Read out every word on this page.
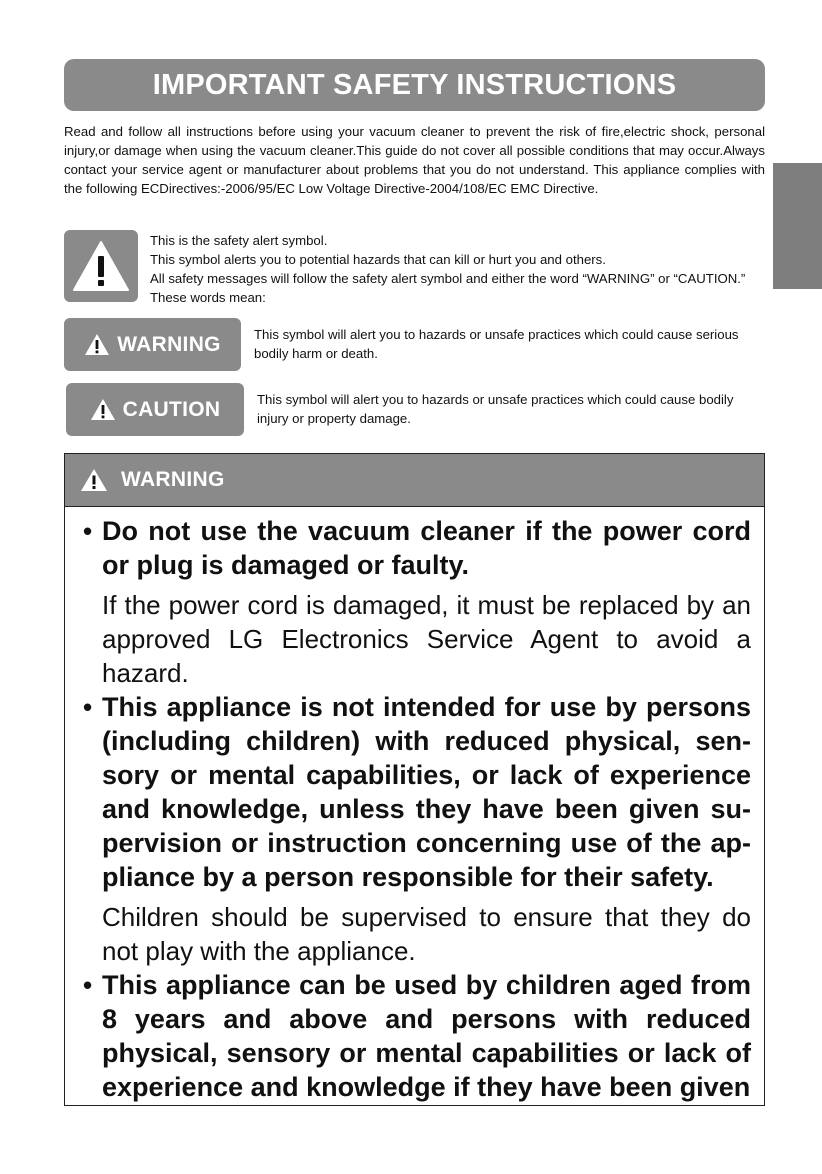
IMPORTANT SAFETY INSTRUCTIONS

Read and follow all instructions before using your vacuum cleaner to prevent the risk of fire,electric shock, personal injury,or damage when using the vacuum cleaner.This guide do not cover all possible conditions that may occur.Always contact your service agent or manufacturer about problems that you do not understand. This appliance complies with the following ECDirectives:-2006/95/EC Low Voltage Directive-2004/108/EC EMC Directive.

This is the safety alert symbol.
This symbol alerts you to potential hazards that can kill or hurt you and others.
All safety messages will follow the safety alert symbol and either the word “WARNING” or “CAUTION.” These words mean:
WARNING	This symbol will alert you to hazards or unsafe practices which could cause serious bodily harm or death.
CAUTION	This symbol will alert you to hazards or unsafe practices which could cause bodily injury or property damage.
WARNING
• Do not use the vacuum cleaner if the power cord or plug is damaged or faulty.

If the power cord is damaged, it must be replaced by an approved LG Electronics Service Agent to avoid a hazard.

• This appliance is not intended for use by persons (including children) with reduced physical, sen-sory or mental capabilities, or lack of experience and knowledge, unless they have been given su-pervision or instruction concerning use of the ap-pliance by a person responsible for their safety.

Children should be supervised to ensure that they do not play with the appliance.

• This appliance can be used by children aged from 8 years and above and persons with reduced physical, sensory or mental capabilities or lack of experience and knowledge if they have been given
